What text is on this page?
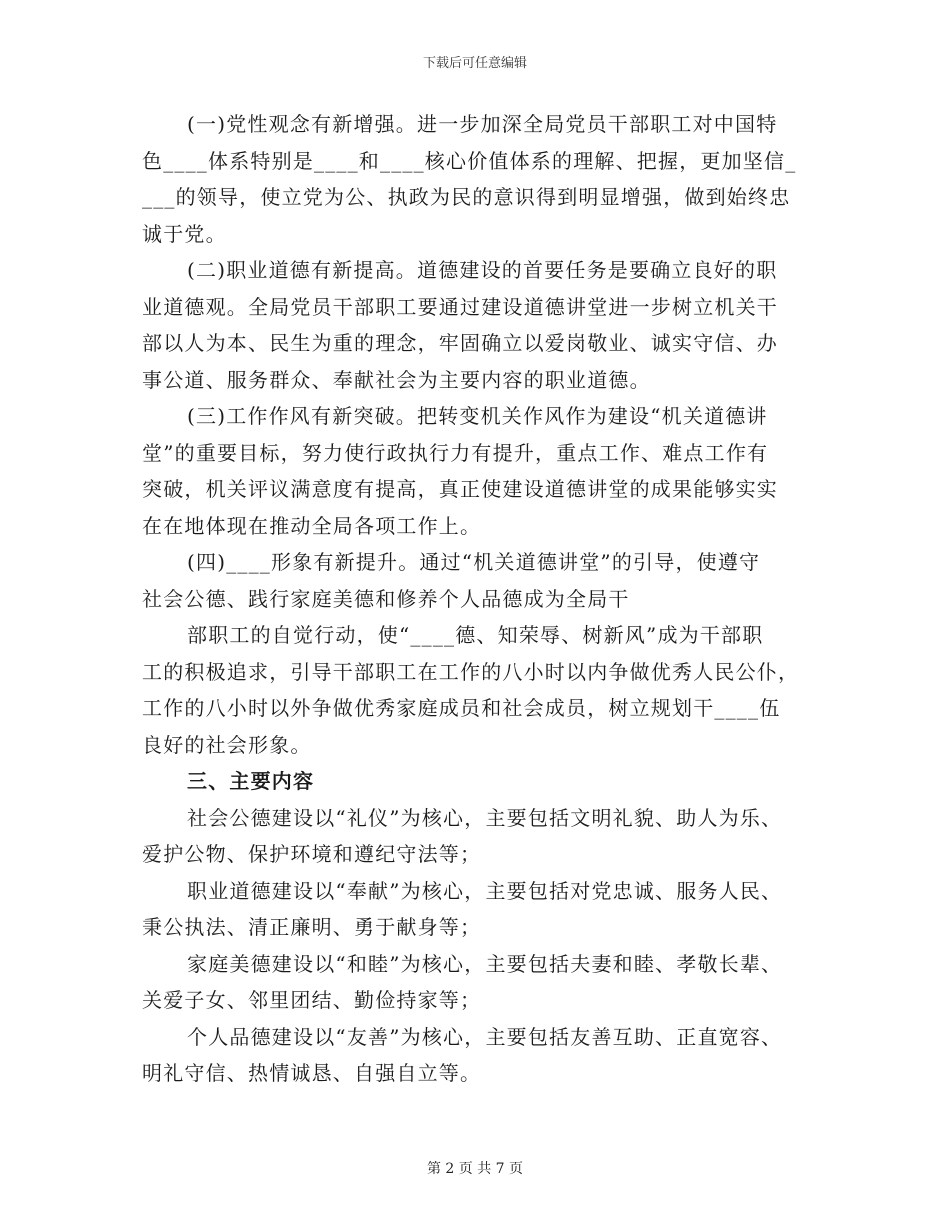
下载后可任意编辑

(一)党性观念有新增强。进一步加深全局党员干部职工对中国特
色____体系特别是____和____核心价值体系的理解、把握，更加坚信_
___的领导，使立党为公、执政为民的意识得到明显增强，做到始终忠
诚于党。

(二)职业道德有新提高。道德建设的首要任务是要确立良好的职
业道德观。全局党员干部职工要通过建设道德讲堂进一步树立机关干
部以人为本、民生为重的理念，牢固确立以爱岗敬业、诚实守信、办
事公道、服务群众、奉献社会为主要内容的职业道德。

(三)工作作风有新突破。把转变机关作风作为建设“机关道德讲
堂”的重要目标，努力使行政执行力有提升，重点工作、难点工作有
突破，机关评议满意度有提高，真正使建设道德讲堂的成果能够实实
在在地体现在推动全局各项工作上。

(四)____形象有新提升。通过“机关道德讲堂”的引导，使遵守
社会公德、践行家庭美德和修养个人品德成为全局干
部职工的自觉行动，使“____德、知荣辱、树新风”成为干部职
工的积极追求，引导干部职工在工作的八小时以内争做优秀人民公仆，
工作的八小时以外争做优秀家庭成员和社会成员，树立规划干____伍
良好的社会形象。

三、主要内容

社会公德建设以“礼仪”为核心，主要包括文明礼貌、助人为乐、
爱护公物、保护环境和遵纪守法等；

职业道德建设以“奉献”为核心，主要包括对党忠诚、服务人民、
秉公执法、清正廉明、勇于献身等；

家庭美德建设以“和睦”为核心，主要包括夫妻和睦、孝敬长辈、
关爱子女、邻里团结、勤俭持家等；

个人品德建设以“友善”为核心，主要包括友善互助、正直宽容、
明礼守信、热情诚恳、自强自立等。

第 2 页 共 7 页
